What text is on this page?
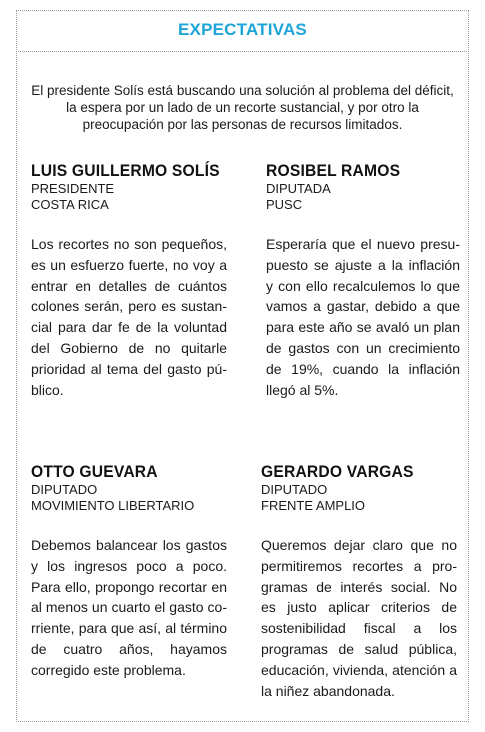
EXPECTATIVAS

El presidente Solís está buscando una solución al problema del déficit, la espera por un lado de un recorte sustancial, y por otro la preocupación por las personas de recursos limitados.

LUIS GUILLERMO SOLÍS
PRESIDENTE
COSTA RICA
Los recortes no son pequeños, es un esfuerzo fuerte, no voy a entrar en detalles de cuántos colones serán, pero es sustancial para dar fe de la voluntad del Gobierno de no quitarle prioridad al tema del gasto público.
ROSIBEL RAMOS
DIPUTADA
PUSC
Esperaría que el nuevo presupuesto se ajuste a la inflación y con ello recalculemos lo que vamos a gastar, debido a que para este año se avaló un plan de gastos con un crecimiento de 19%, cuando la inflación llegó al 5%.
OTTO GUEVARA
DIPUTADO
MOVIMIENTO LIBERTARIO
Debemos balancear los gastos y los ingresos poco a poco. Para ello, propongo recortar en al menos un cuarto el gasto corriente, para que así, al término de cuatro años, hayamos corregido este problema.
GERARDO VARGAS
DIPUTADO
FRENTE AMPLIO
Queremos dejar claro que no permitiremos recortes a programas de interés social. No es justo aplicar criterios de sostenibilidad fiscal a los programas de salud pública, educación, vivienda, atención a la niñez abandonada.
